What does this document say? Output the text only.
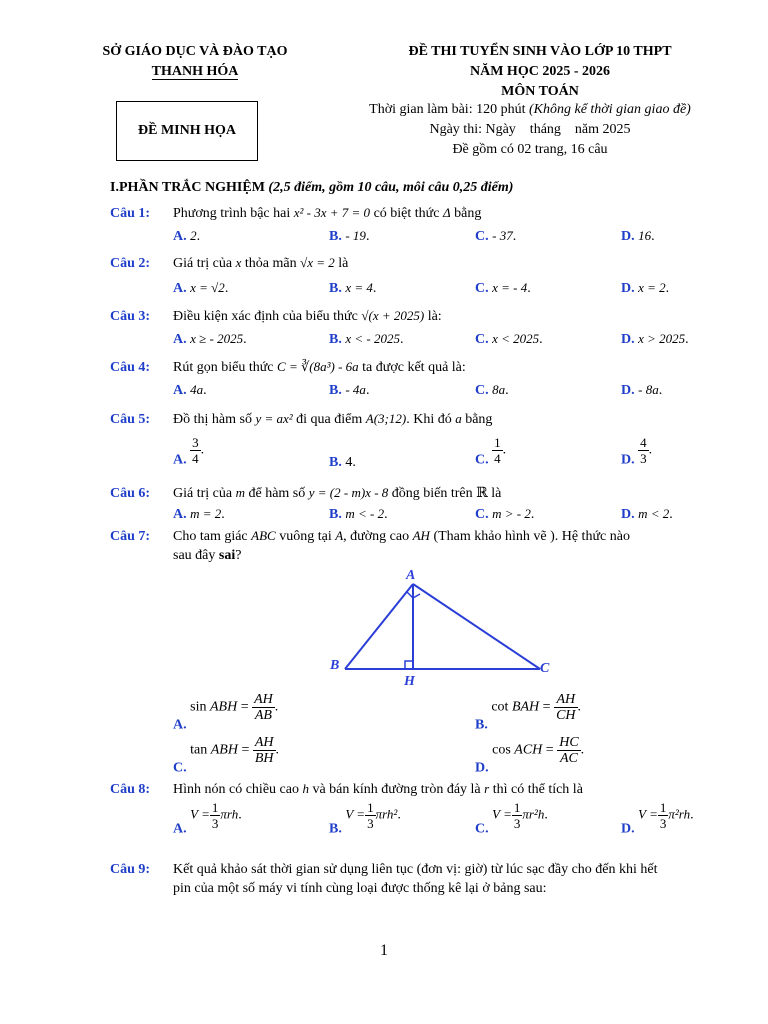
SỞ GIÁO DỤC VÀ ĐÀO TẠO
THANH HÓA
ĐỀ THI TUYỂN SINH VÀO LỚP 10 THPT
NĂM HỌC 2025 - 2026
MÔN TOÁN
ĐỀ MINH HỌA
Thời gian làm bài: 120 phút (Không kể thời gian giao đề)
Ngày thi: Ngày    tháng    năm 2025
Đề gồm có 02 trang, 16 câu
I.PHẦN TRẮC NGHIỆM (2,5 điểm, gồm 10 câu, môi câu 0,25 điểm)
Câu 1: Phương trình bậc hai x² - 3x + 7 = 0 có biệt thức Δ bằng
A. 2.	B. - 19.	C. - 37.	D. 16.
Câu 2: Giá trị của x thỏa mãn √x = 2 là
A. x = √2.	B. x = 4.	C. x = - 4.	D. x = 2.
Câu 3: Điều kiện xác định của biểu thức √(x + 2025) là:
A. x ≥ - 2025.	B. x < - 2025.	C. x < 2025.	D. x > 2025.
Câu 4: Rút gọn biểu thức C = ∛(8a³) - 6a ta được kết quả là:
A. 4a.	B. - 4a.	C. 8a.	D. - 8a.
Câu 5: Đồ thị hàm số y = ax² đi qua điểm A(3;12). Khi đó a bằng
A. $\frac{3}{4}$ .
B. 4.	C. $\frac{1}{4}$ .
D. $\frac{4}{3}$ .
Câu 6: Giá trị của m để hàm số y = (2 - m)x - 8 đồng biến trên ℝ là
A. m = 2.	B. m < - 2.	C. m > - 2.	D. m < 2.
Câu 7: Cho tam giác ABC vuông tại A, đường cao AH (Tham khảo hình vẽ ). Hệ thức nào
sau đây sai?
A
B	C
H
A. sin ABH = $\frac{AH}{AB}$ .
B. cot BAH = $\frac{AH}{CH}$ .
C. tan ABH = $\frac{AH}{BH}$ .
D. cos ACH = $\frac{HC}{AC}$ .
Câu 8: Hình nón có chiều cao h và bán kính đường tròn đáy là r thì có thể tích là
A. $V = \frac{1}{3} \pi rh$.
B. $V = \frac{1}{3} \pi rh^2$.
C. $V = \frac{1}{3} \pi r^2h$.
D. $V = \frac{1}{3} \pi^2rh$.
Câu 9: Kết quả khảo sát thời gian sử dụng liên tục (đơn vị: giờ) từ lúc sạc đầy cho đến khi hết
pin của một số máy vi tính cùng loại được thống kê lại ở bảng sau:
1
